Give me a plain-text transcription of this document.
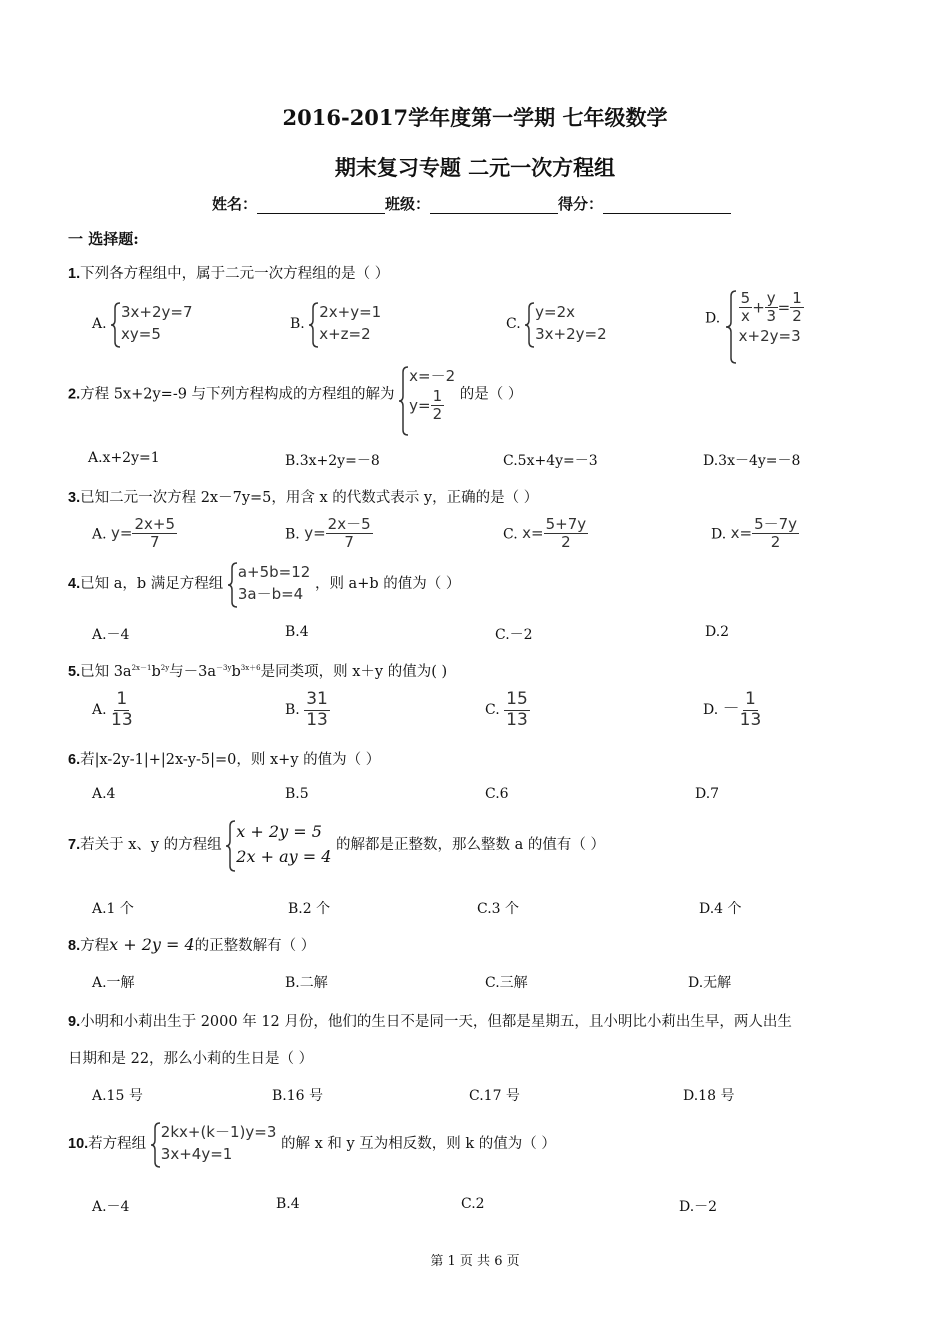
2016-2017学年度第一学期 七年级数学
期末复习专题 二元一次方程组
姓名：	班级：	得分：
一 选择题:
1.下列各方程组中，属于二元一次方程组的是（ ）
A.
3x+2y=7
xy=5
B.
2x+y=1
x+z=2
C.
y=2x
3x+2y=2
D. $\frac{5}{x} + \frac{y}{3} = \frac{1}{2}$
x+2y=3
2.方程 5x+2y=-9 与下列方程构成的方程组的解为
x=－2
$y= \frac{1}{2}$ 的是（ ）
A.x+2y=1	B.3x+2y=－8	C.5x+4y=－3	D.3x－4y=－8
3.已知二元一次方程 2x－7y=5，用含 x 的代数式表示 y，正确的是（ ）
A. $y= \frac{2x+5}{7}$	B. $y= \frac{2x-5}{7}$	C. $x= \frac{5+7y}{2}$	D. $x= \frac{5-7y}{2}$
4.已知 a，b 满足方程组
a+5b=12
3a－b=4
，则 a+b 的值为（ ）
A.－4	B.4	C.－2	D.2
5.已知 $3a^{2x-1}b^{2y}$与$-3a^{-3y}b^{3x+6}$是同类项，则 x＋y 的值为( )
A. $\frac{1}{13}$	B. $\frac{31}{13}$	C. $\frac{15}{13}$	D. － $\frac{1}{13}$
6.若|x-2y-1|+|2x-y-5|=0，则 x+y 的值为（ ）
A.4	B.5	C.6	D.7
7.若关于 x、y 的方程组
x + 2y = 5
2x + ay = 4
的解都是正整数，那么整数 a 的值有（ ）
A.1 个	B.2 个	C.3 个	D.4 个
8.方程x + 2y = 4的正整数解有（ ）
A.一解	B.二解	C.三解	D.无解
9.小明和小莉出生于 2000 年 12 月份，他们的生日不是同一天，但都是星期五，且小明比小莉出生早，两人出生
日期和是 22，那么小莉的生日是（ ）
A.15 号	B.16 号	C.17 号	D.18 号
10.若方程组
2kx+(k－1)y=3
3x+4y=1
的解 x 和 y 互为相反数，则 k 的值为（ ）
A.－4	B.4	C.2	D.－2
第 1 页 共 6 页
